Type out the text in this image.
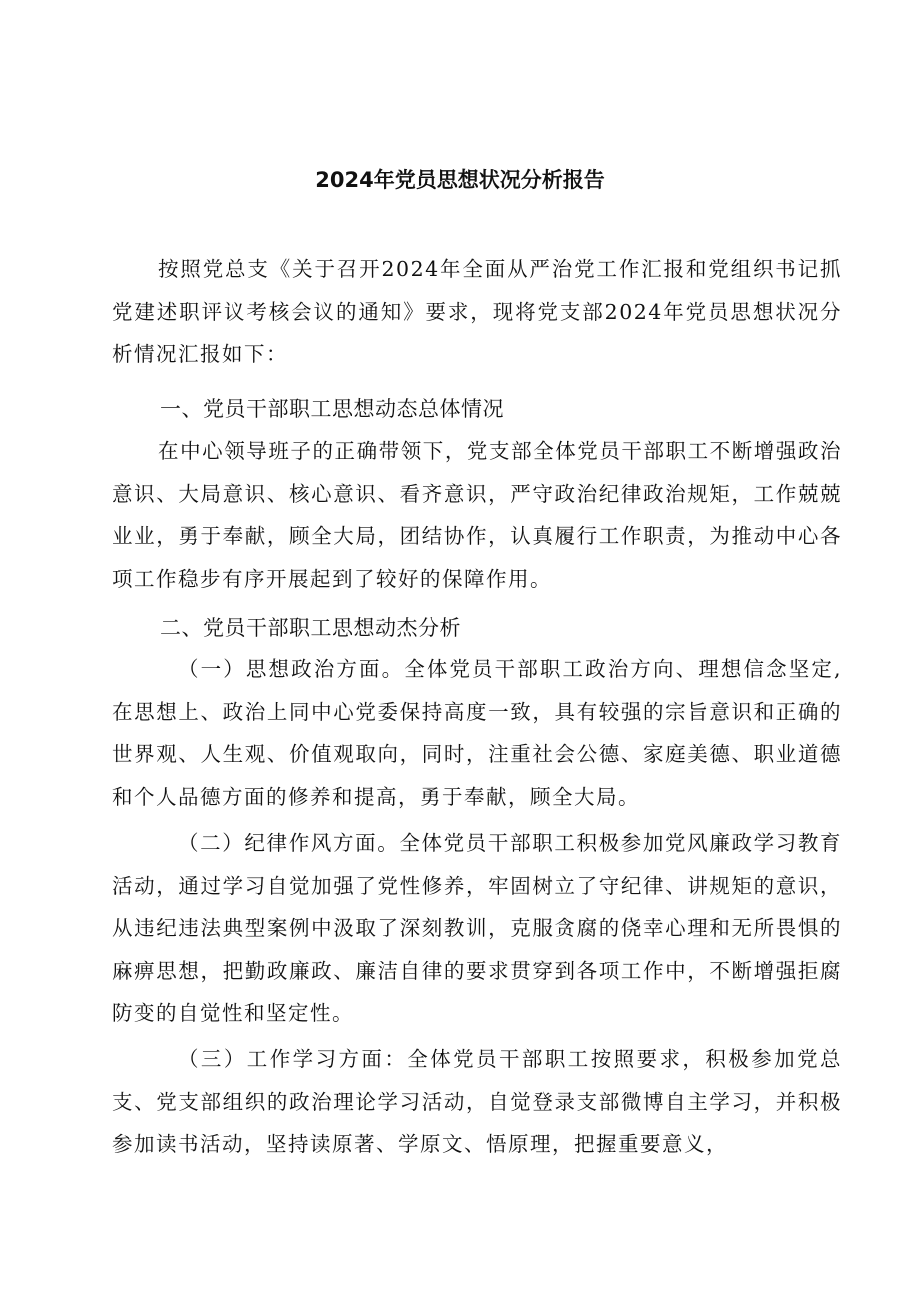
2024年党员思想状况分析报告

按照党总支《关于召开2024年全面从严治党工作汇报和党组织书记抓党建述职评议考核会议的通知》要求，现将党支部2024年党员思想状况分析情况汇报如下：

一、党员干部职工思想动态总体情况

在中心领导班子的正确带领下，党支部全体党员干部职工不断增强政治意识、大局意识、核心意识、看齐意识，严守政治纪律政治规矩，工作兢兢业业，勇于奉献，顾全大局，团结协作，认真履行工作职责，为推动中心各项工作稳步有序开展起到了较好的保障作用。

二、党员干部职工思想动杰分析

（一）思想政治方面。全体党员干部职工政治方向、理想信念坚定,在思想上、政治上同中心党委保持高度一致，具有较强的宗旨意识和正确的世界观、人生观、价值观取向，同时，注重社会公德、家庭美德、职业道德和个人品德方面的修养和提高，勇于奉献，顾全大局。

（二）纪律作风方面。全体党员干部职工积极参加党风廉政学习教育活动，通过学习自觉加强了党性修养，牢固树立了守纪律、讲规矩的意识，从违纪违法典型案例中汲取了深刻教训，克服贪腐的侥幸心理和无所畏惧的麻痹思想，把勤政廉政、廉洁自律的要求贯穿到各项工作中，不断增强拒腐防变的自觉性和坚定性。

（三）工作学习方面：全体党员干部职工按照要求，积极参加党总支、党支部组织的政治理论学习活动，自觉登录支部微博自主学习，并积极参加读书活动，坚持读原著、学原文、悟原理，把握重要意义，
